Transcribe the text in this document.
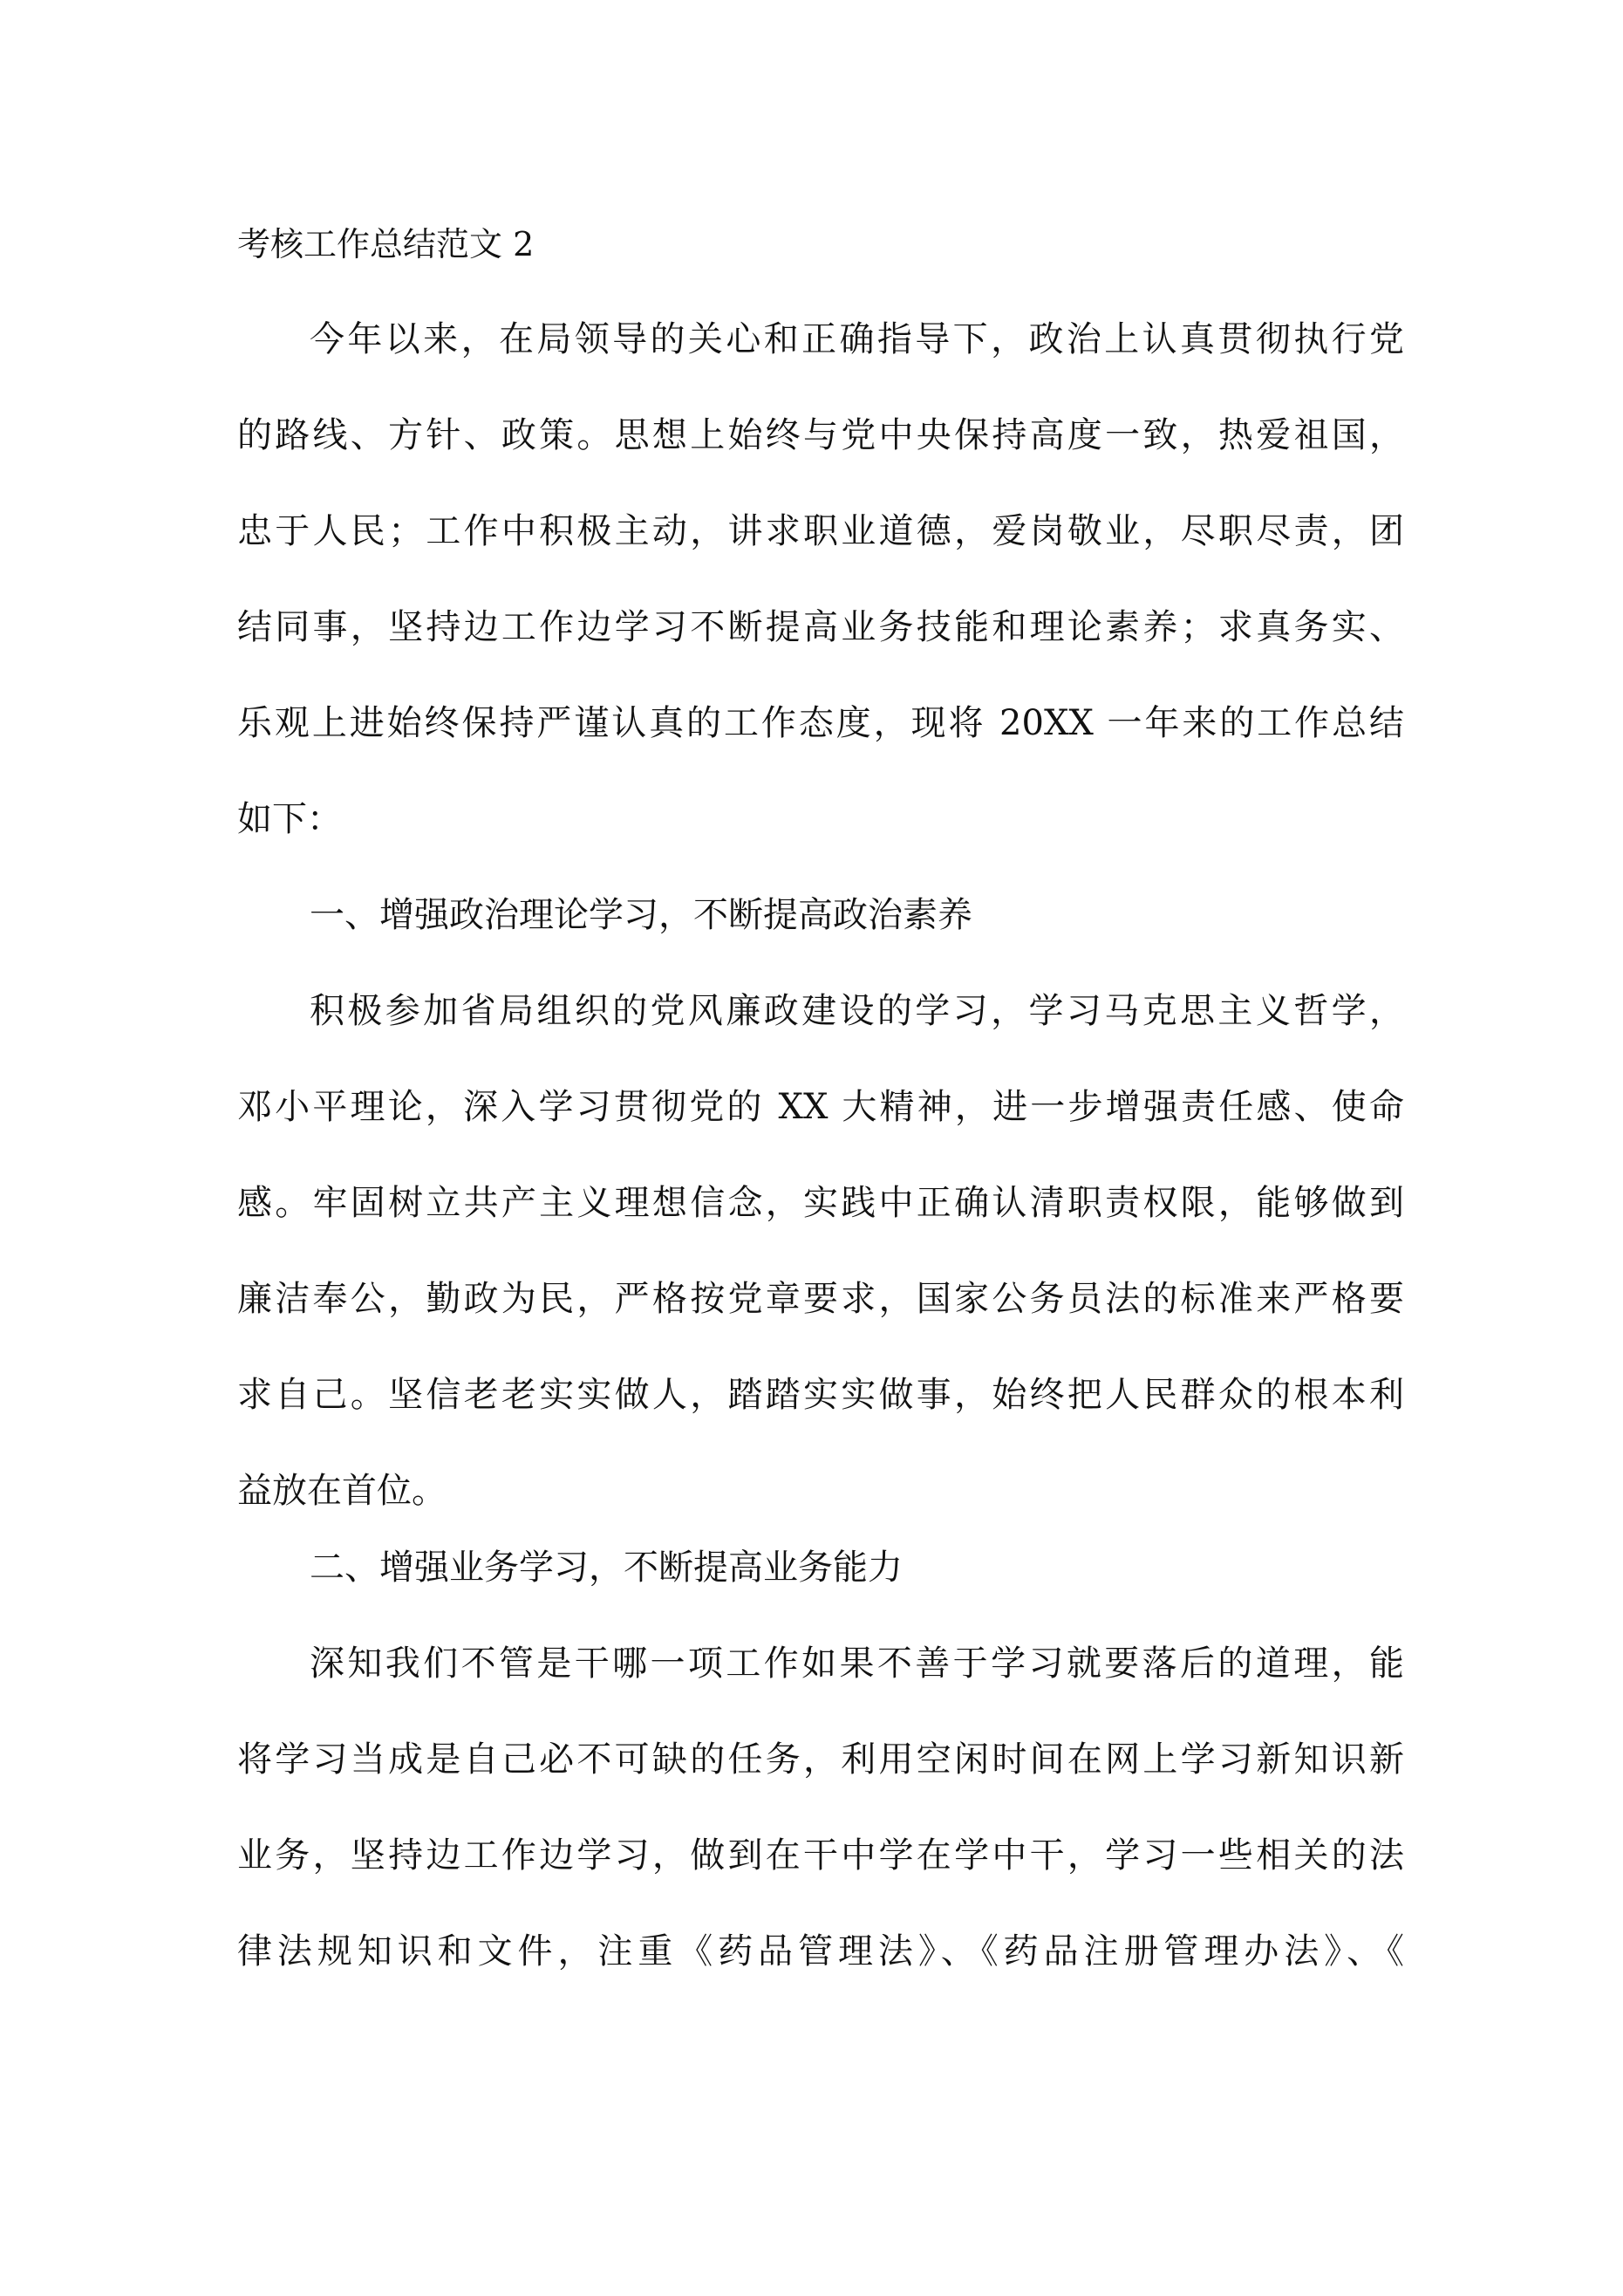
考核工作总结范文 2
今年以来，在局领导的关心和正确指导下，政治上认真贯彻执行党
的路线、方针、政策。思想上始终与党中央保持高度一致，热爱祖国，
忠于人民；工作中积极主动，讲求职业道德，爱岗敬业，尽职尽责，团
结同事，坚持边工作边学习不断提高业务技能和理论素养；求真务实、
乐观上进始终保持严谨认真的工作态度，现将 20XX 一年来的工作总结
如下：
一、增强政治理论学习，不断提高政治素养
积极参加省局组织的党风廉政建设的学习，学习马克思主义哲学，
邓小平理论，深入学习贯彻党的 XX 大精神，进一步增强责任感、使命
感。牢固树立共产主义理想信念，实践中正确认清职责权限，能够做到
廉洁奉公，勤政为民，严格按党章要求，国家公务员法的标准来严格要
求自己。坚信老老实实做人，踏踏实实做事，始终把人民群众的根本利
益放在首位。
二、增强业务学习，不断提高业务能力
深知我们不管是干哪一项工作如果不善于学习就要落后的道理，能
将学习当成是自己必不可缺的任务，利用空闲时间在网上学习新知识新
业务，坚持边工作边学习，做到在干中学在学中干，学习一些相关的法
律法规知识和文件，注重《药品管理法》、《药品注册管理办法》、《
